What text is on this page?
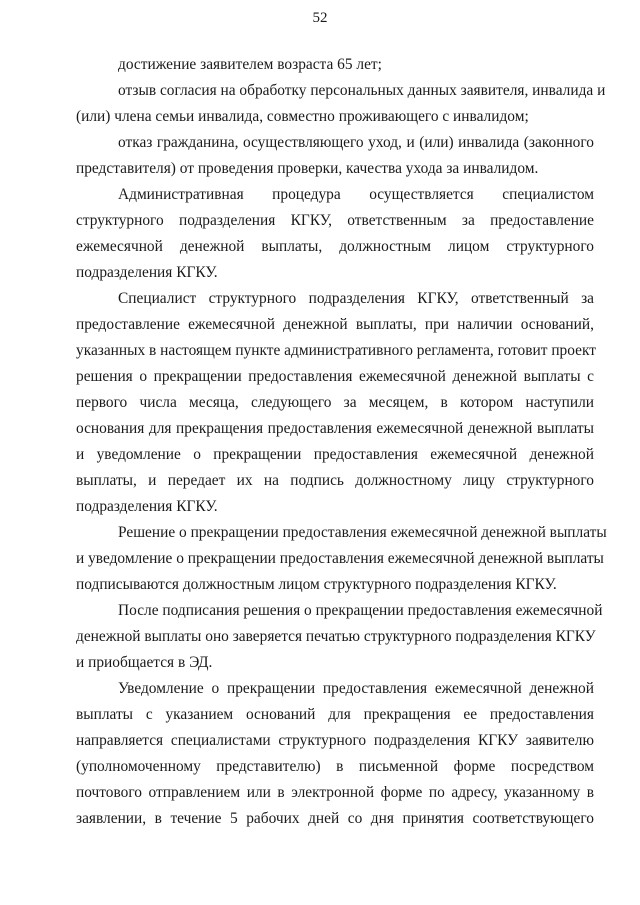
52
достижение заявителем возраста 65 лет;
отзыв согласия на обработку персональных данных заявителя, инвалида и
(или) члена семьи инвалида, совместно проживающего с инвалидом;
отказ гражданина, осуществляющего уход, и (или) инвалида (законного
представителя) от проведения проверки, качества ухода за инвалидом.
Административная процедура осуществляется специалистом
структурного подразделения КГКУ, ответственным за предоставление
ежемесячной денежной выплаты, должностным лицом структурного
подразделения КГКУ.
Специалист структурного подразделения КГКУ, ответственный за
предоставление ежемесячной денежной выплаты, при наличии оснований,
указанных в настоящем пункте административного регламента, готовит проект
решения о прекращении предоставления ежемесячной денежной выплаты с
первого числа месяца, следующего за месяцем, в котором наступили
основания для прекращения предоставления ежемесячной денежной выплаты
и уведомление о прекращении предоставления ежемесячной денежной
выплаты, и передает их на подпись должностному лицу структурного
подразделения КГКУ.
Решение о прекращении предоставления ежемесячной денежной выплаты
и уведомление о прекращении предоставления ежемесячной денежной выплаты
подписываются должностным лицом структурного подразделения КГКУ.
После подписания решения о прекращении предоставления ежемесячной
денежной выплаты оно заверяется печатью структурного подразделения КГКУ
и приобщается в ЭД.
Уведомление о прекращении предоставления ежемесячной денежной
выплаты с указанием оснований для прекращения ее предоставления
направляется специалистами структурного подразделения КГКУ заявителю
(уполномоченному представителю) в письменной форме посредством
почтового отправлением или в электронной форме по адресу, указанному в
заявлении, в течение 5 рабочих дней со дня принятия соответствующего
